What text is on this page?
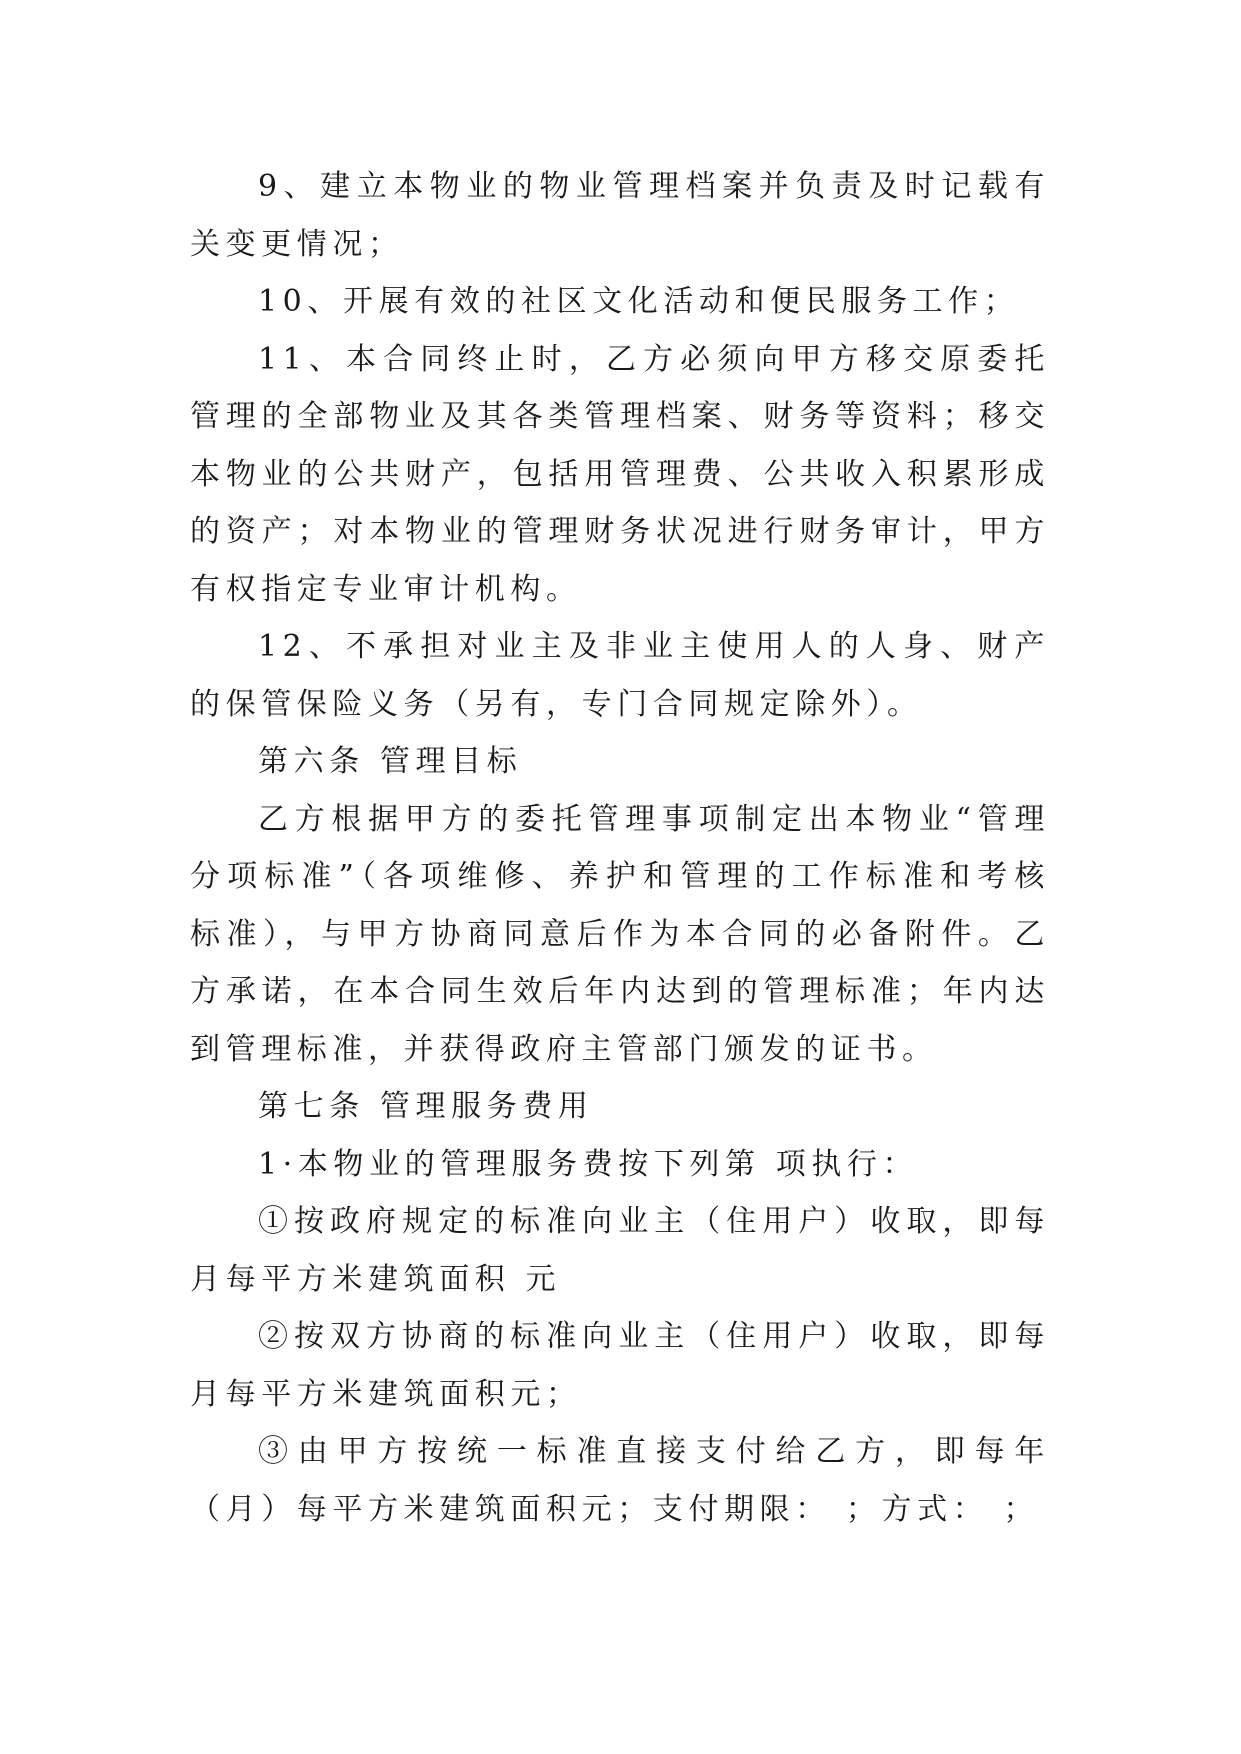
9、建立本物业的物业管理档案并负责及时记载有关变更情况；

10、开展有效的社区文化活动和便民服务工作；

11、本合同终止时，乙方必须向甲方移交原委托管理的全部物业及其各类管理档案、财务等资料；移交本物业的公共财产，包括用管理费、公共收入积累形成的资产；对本物业的管理财务状况进行财务审计，甲方有权指定专业审计机构。

12、不承担对业主及非业主使用人的人身、财产的保管保险义务（另有，专门合同规定除外）。

第六条 管理目标

乙方根据甲方的委托管理事项制定出本物业“管理分项标准”（各项维修、养护和管理的工作标准和考核标准），与甲方协商同意后作为本合同的必备附件。乙方承诺，在本合同生效后年内达到的管理标准；年内达到管理标准，并获得政府主管部门颁发的证书。

第七条 管理服务费用

1·本物业的管理服务费按下列第 项执行：

①按政府规定的标准向业主（住用户）收取，即每月每平方米建筑面积 元

②按双方协商的标准向业主（住用户）收取，即每月每平方米建筑面积元；

③由甲方按统一标准直接支付给乙方，即每年（月）每平方米建筑面积元；支付期限： ；方式： ；
